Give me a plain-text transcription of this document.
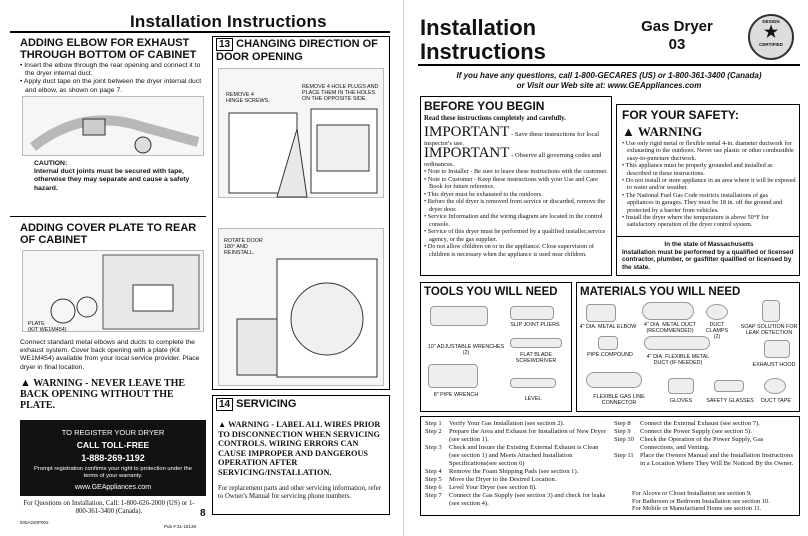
Installation Instructions
ADDING ELBOW FOR EXHAUST THROUGH BOTTOM OF CABINET
• Insert the elbow through the rear opening and connect it to the dryer internal duct.
• Apply duct tape on the joint between the dryer internal duct and elbow, as shown on page 7.
CAUTION:
Internal duct joints must be secured with tape, otherwise they may separate and cause a safety hazard.
ADDING COVER PLATE TO REAR OF CABINET
PLATE
(KIT WE1M454)
Connect standard metal elbows and ducts to complete the exhaust system. Cover back opening with a plate (Kit WE1M454) available from your local service provider. Place dryer in final location.
▲ WARNING - NEVER LEAVE THE BACK OPENING WITHOUT THE PLATE.
TO REGISTER YOUR DRYER
CALL TOLL-FREE
1-888-269-1192
Prompt registration confirms your right to protection under the terms of your warranty.
www.GEAppliances.com
For Questions on Installation, Call: 1-800-626-2000 (US) or 1-800-361-3400 (Canada).
505A220P003
Pub # 31-16139
8
13 CHANGING DIRECTION OF DOOR OPENING
REMOVE 4 HINGE SCREWS.
REMOVE 4 HOLE PLUGS AND PLACE THEM IN THE HOLES ON THE OPPOSITE SIDE.
ROTATE DOOR 180° AND REINSTALL.
14 SERVICING
▲ WARNING - LABEL ALL WIRES PRIOR TO DISCONNECTION WHEN SERVICING CONTROLS. WIRING ERRORS CAN CAUSE IMPROPER AND DANGEROUS OPERATION AFTER SERVICING/INSTALLATION.
For replacement parts and other servicing information, refer to Owner's Manual for servicing phone numbers.
Installation
Instructions
Gas Dryer
03
DESIGN
★
CERTIFIED
If you have any questions, call 1-800-GECARES (US) or 1-800-361-3400 (Canada)
or Visit our Web site at: www.GEAppliances.com
BEFORE YOU BEGIN
Read these instructions completely and carefully.
IMPORTANT - Save these instructions for local inspector's use.
IMPORTANT - Observe all governing codes and ordinances.
• Note to Installer - Be sure to leave these instructions with the customer.
• Note to Customer - Keep these instructions with your Use and Care Book for future reference.
• This dryer must be exhausted to the outdoors.
• Before the old dryer is removed from service or discarded, remove the dryer door.
• Service Information and the wiring diagram are located in the control console.
• Service of this dryer must be performed by a qualified installer,service agency, or the gas supplier.
• Do not allow children on or in the appliance. Close supervision of children is necessary when the appliance is used near children.
FOR YOUR SAFETY:
▲ WARNING
• Use only rigid metal or flexible metal 4-in. diameter ductwork for exhausting to the outdoors. Never use plastic or other combustible easy-to-puncture ductwork.
• This appliance must be properly grounded and installed as described in these instructions.
• Do not install or store appliance in an area where it will be exposed to water and/or weather.
• The National Fuel Gas Code restricts installations of gas appliances in garages. They must be 18 in. off the ground and protected by a barrier from vehicles.
• Install the dryer where the temperature is above 50°F for satisfactory operation of the dryer control system.
In the state of Massachusetts
Installation must be performed by a qualified or licensed contractor, plumber, or gasfitter qualified or licensed by the state.
TOOLS YOU WILL NEED
SLIP JOINT PLIERS
10" ADJUSTABLE WRENCHES (2)	FLAT BLADE SCREWDRIVER
8" PIPE WRENCH
LEVEL
MATERIALS YOU WILL NEED
4" DIA. METAL ELBOW	4" DIA. METAL DUCT (RECOMMENDED)
DUCT CLAMPS (2)
SOAP SOLUTION FOR LEAK DETECTION
PIPE COMPOUND	4" DIA. FLEXIBLE METAL DUCT (IF NEEDED)	EXHAUST HOOD
FLEXIBLE GAS LINE CONNECTOR	GLOVES	SAFETY GLASSES	DUCT TAPE
Step 1	Verify Your Gas Installation (see section 2).
Step 2	Prepare the Area and Exhaust for Installation of New Dryer (see section 1).
Step 3	Check and Insure the Existing External Exhaust is Clean (see section 1) and Meets Attached Installation Specifications(see section 6)
Step 4	Remove the Foam Shipping Pads (see section 1).
Step 5	Move the Dryer to the Desired Location.
Step 6	Level Your Dryer (see section 8).
Step 7	Connect the Gas Supply (see section 3) and check for leaks (see section 4).
Step 8	Connect the External Exhaust (see section 7).
Step 9	Connect the Power Supply (see section 5).
Step 10	Check the Operation of the Power Supply, Gas Connections, and Venting.
Step 11	Place the Owners Manual and the Installation Instructions in a Location Where They Will Be Noticed By the Owner.
For Alcove or Closet Installation see section 9.
For Bathroom or Bedroom Installation see section 10.
For Mobile or Manufactured Home see section 11.
